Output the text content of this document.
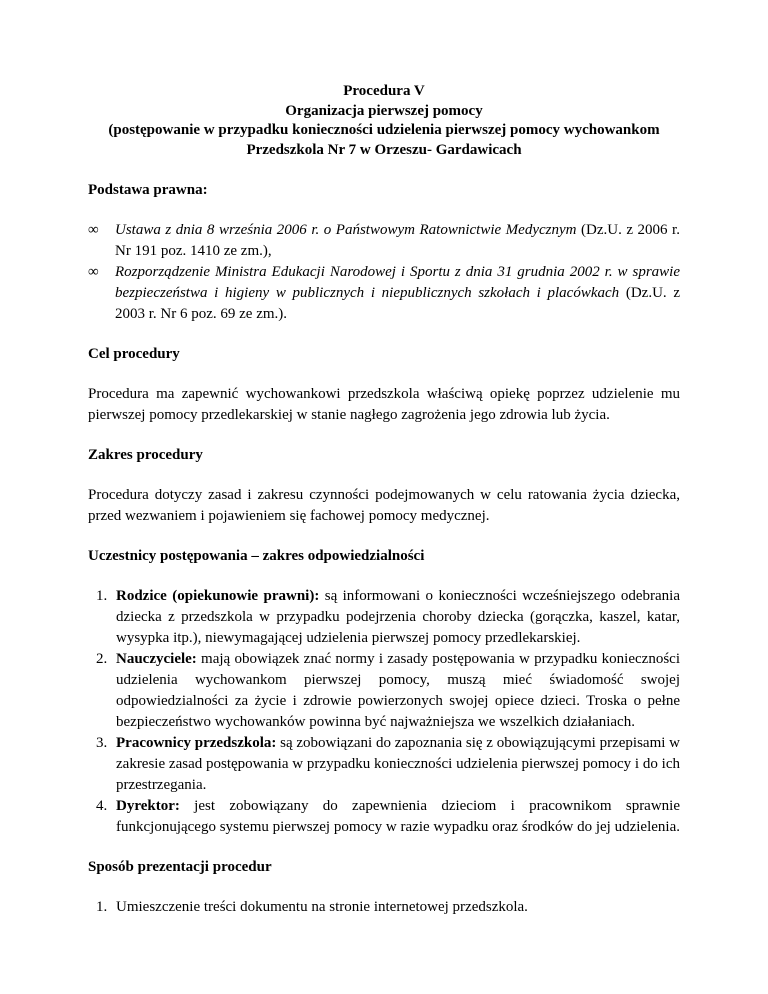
Procedura V
Organizacja pierwszej pomocy
(postępowanie w przypadku konieczności udzielenia pierwszej pomocy wychowankom
Przedszkola Nr 7 w Orzeszu- Gardawicach
Podstawa prawna:
∞	Ustawa z dnia 8 września 2006 r. o Państwowym Ratownictwie Medycznym (Dz.U. z 2006 r. Nr 191 poz. 1410 ze zm.),
∞	Rozporządzenie Ministra Edukacji Narodowej i Sportu z dnia 31 grudnia 2002 r. w sprawie bezpieczeństwa i higieny w publicznych i niepublicznych szkołach i placówkach (Dz.U. z 2003 r. Nr 6 poz. 69 ze zm.).
Cel procedury

Procedura ma zapewnić wychowankowi przedszkola właściwą opiekę poprzez udzielenie mu pierwszej pomocy przedlekarskiej w stanie nagłego zagrożenia jego zdrowia lub życia.

Zakres procedury

Procedura dotyczy zasad i zakresu czynności podejmowanych w celu ratowania życia dziecka, przed wezwaniem i pojawieniem się fachowej pomocy medycznej.

Uczestnicy postępowania – zakres odpowiedzialności
1. Rodzice (opiekunowie prawni): są informowani o konieczności wcześniejszego odebrania dziecka z przedszkola w przypadku podejrzenia choroby dziecka (gorączka, kaszel, katar, wysypka itp.), niewymagającej udzielenia pierwszej pomocy przedlekarskiej.
2. Nauczyciele: mają obowiązek znać normy i zasady postępowania w przypadku konieczności udzielenia wychowankom pierwszej pomocy, muszą mieć świadomość swojej odpowiedzialności za życie i zdrowie powierzonych swojej opiece dzieci. Troska o pełne bezpieczeństwo wychowanków powinna być najważniejsza we wszelkich działaniach.
3. Pracownicy przedszkola: są zobowiązani do zapoznania się z obowiązującymi przepisami w zakresie zasad postępowania w przypadku konieczności udzielenia pierwszej pomocy i do ich przestrzegania.
4. Dyrektor: jest zobowiązany do zapewnienia dzieciom i pracownikom sprawnie funkcjonującego systemu pierwszej pomocy w razie wypadku oraz środków do jej udzielenia.
Sposób prezentacji procedur
1. Umieszczenie treści dokumentu na stronie internetowej przedszkola.
